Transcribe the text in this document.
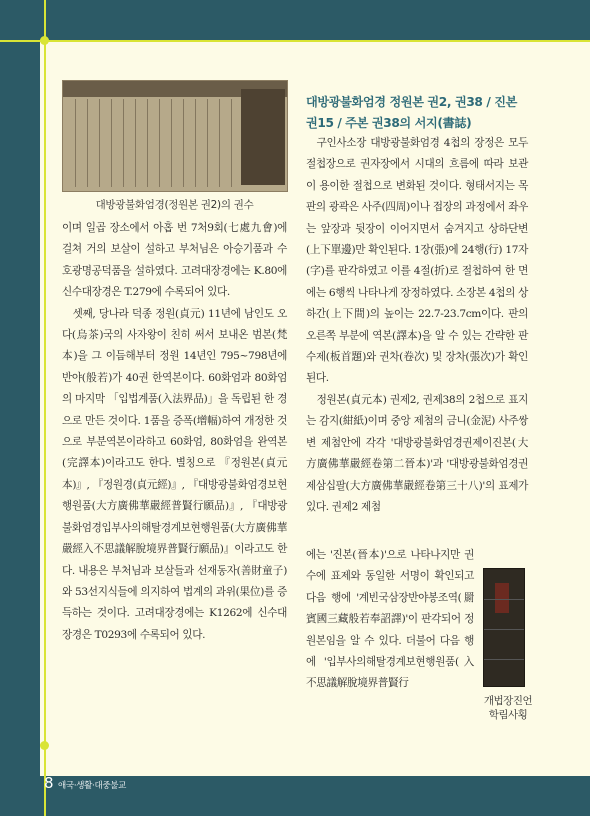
대방광불화엄경(정원본 권2)의 권수

이며 일곱 장소에서 아홉 번 7처9회(七處九會)에 걸쳐 거의 보살이 설하고 부처님은 아승기품과 수호광명공덕품을 설하였다. 고려대장경에는 K.80에 신수대장경은 T.279에 수록되어 있다.

셋째, 당나라 덕종 정원(貞元) 11년에 남인도 오다(烏茶)국의 사자왕이 친히 써서 보내온 범본(梵本)을 그 이듬해부터 정원 14년인 795~798년에 반야(般若)가 40권 한역본이다. 60화엄과 80화엄의 마지막 「입법계품(入法界品)」을 독립된 한 경으로 만든 것이다. 1품을 증폭(增幅)하여 개정한 것으로 부분역본이라하고 60화엄, 80화엄을 완역본(完譯本)이라고도 한다. 별칭으로 『정원본(貞元本)』, 『정원경(貞元經)』, 『대방광불화엄경보현행원품(大方廣佛華嚴經普賢行願品)』, 『대방광불화엄경입부사의해탈경계보현행원품(大方廣佛華嚴經入不思議解脫境界普賢行願品)』이라고도 한다. 내용은 부처님과 보살들과 선재동자(善財童子)와 53선지식들에 의지하여 법계의 과위(果位)를 증득하는 것이다. 고려대장경에는 K1262에 신수대장경은 T0293에 수록되어 있다.

대방광불화엄경 정원본 권2, 권38 / 진본 권15 / 주본 권38의 서지(書誌)

구인사소장 대방광불화엄경 4첩의 장정은 모두 절첩장으로 권자장에서 시대의 흐름에 따라 보관이 용이한 절첩으로 변화된 것이다. 형태서지는 목판의 광곽은 사주(四周)이나 접장의 과정에서 좌우는 앞장과 뒷장이 이어지면서 숨겨지고 상하단변(上下單邊)만 확인된다. 1장(張)에 24행(行) 17자(字)를 판각하였고 이를 4절(折)로 절첩하여 한 면에는 6행씩 나타나게 장정하였다. 소장본 4첩의 상하간(上下間)의 높이는 22.7-23.7cm이다. 판의 오른쪽 부분에 역본(譯本)을 알 수 있는 간략한 판수제(板首題)와 권차(卷次) 및 장차(張次)가 확인된다.

정원본(貞元本) 권제2, 권제38의 2첩으로 표지는 감지(紺紙)이며 중앙 제첨의 금니(金泥) 사주쌍변 제첨안에 각각 '대방광불화엄경권제이진본(大方廣佛華嚴經卷第二晉本)'과 '대방광불화엄경권제삼십팔(大方廣佛華嚴經卷第三十八)'의 표제가 있다. 권제2 제첨

에는 '진본(晉本)'으로 나타나지만 권수에 표제와 동일한 서명이 확인되고 다음 행에 '계빈국삼장반야봉조역(罽賓國三藏般若奉詔譯)'이 판각되어 정원본임을 알 수 있다. 더불어 다음 행에 '입부사의해탈경계보현행원품(入不思議解脫境界普賢行

개법장진언 학림사횡
8 애국·생활·대중불교
